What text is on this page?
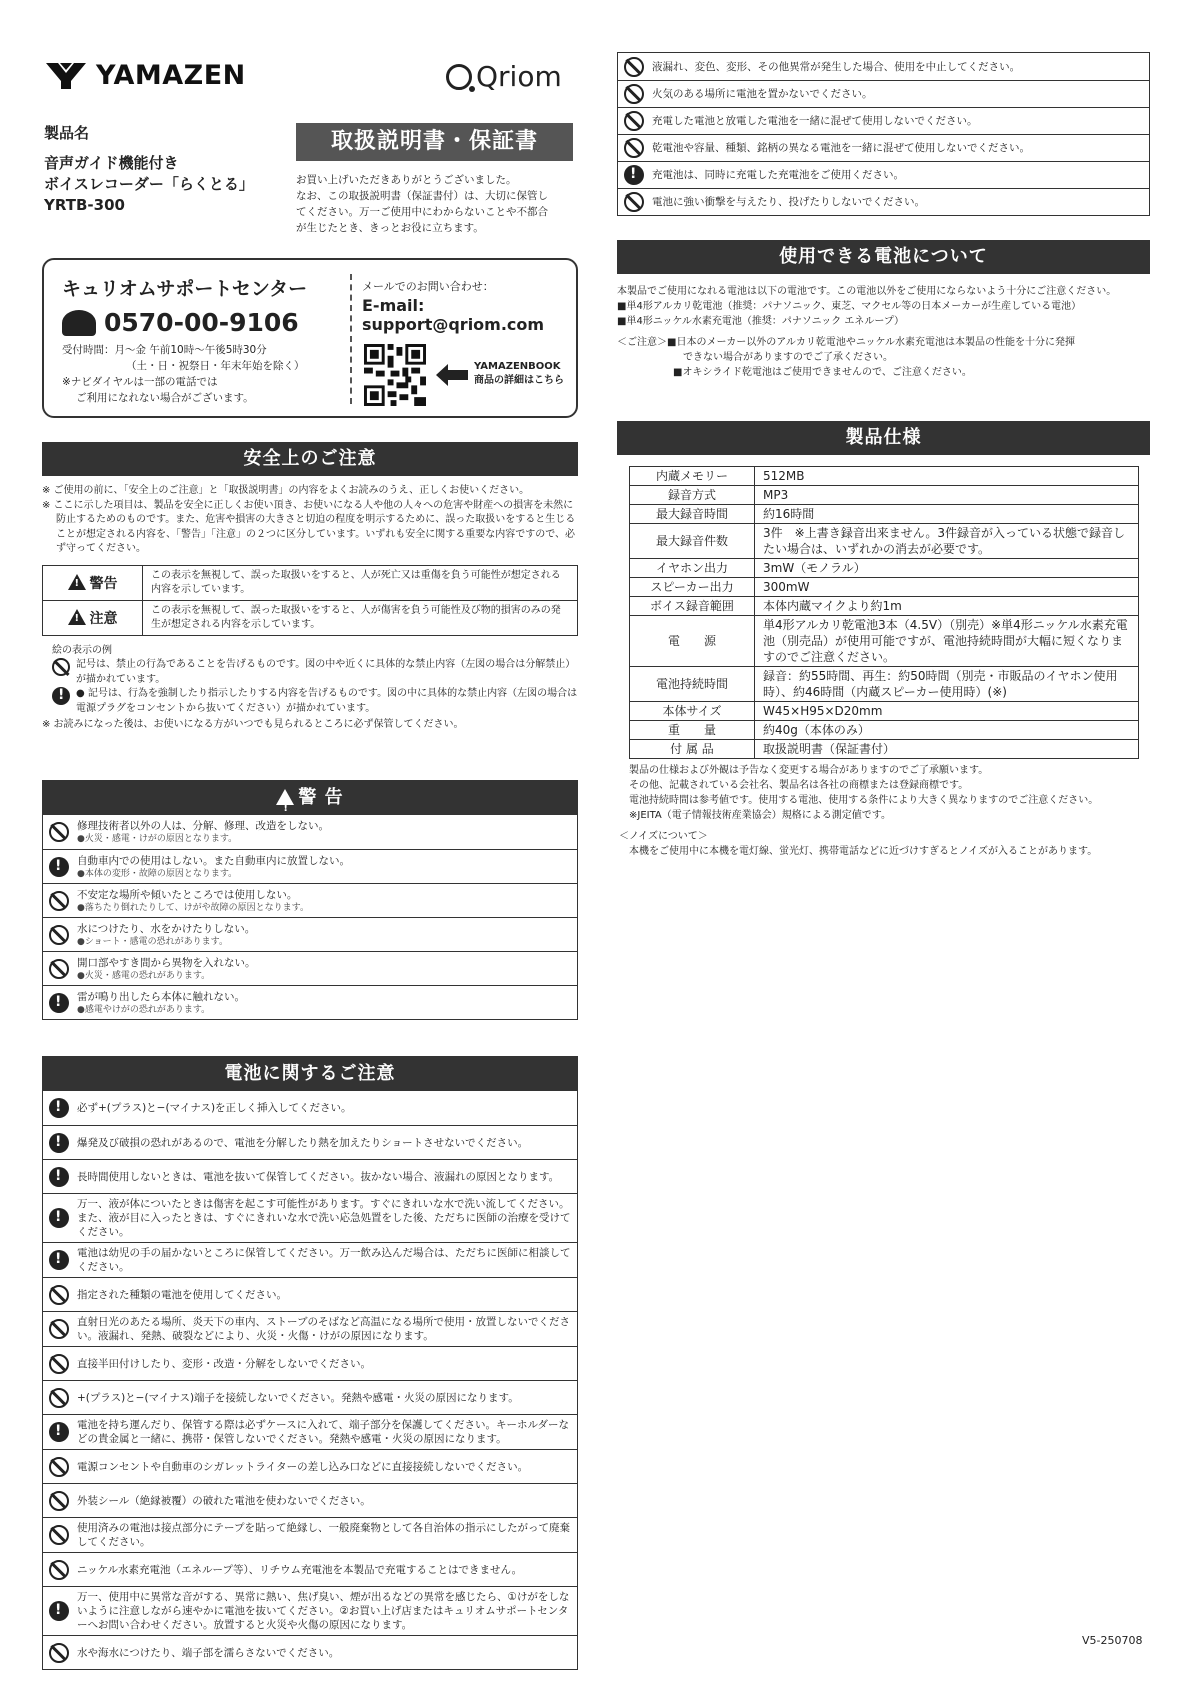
YAMAZEN	Qriom
製品名
音声ガイド機能付き
ボイスレコーダー「らくとる」
YRTB-300
取扱説明書・保証書
お買い上げいただきありがとうございました。
なお、この取扱説明書（保証書付）は、大切に保管し
てください。万一ご使用中にわからないことや不都合
が生じたとき、きっとお役に立ちます。
キュリオムサポートセンター
0570-00-9106
受付時間：月～金 午前10時～午後5時30分
（土・日・祝祭日・年末年始を除く）
※ナビダイヤルは一部の電話では
ご利用になれない場合がございます。
メールでのお問い合わせ：
E-mail: support@qriom.com
YAMAZENBOOK
商品の詳細はこちら
安全上のご注意

※ ご使用の前に、「安全上のご注意」と「取扱説明書」の内容をよくお読みのうえ、正しくお使いください。

※ ここに示した項目は、製品を安全に正しくお使い頂き、お使いになる人や他の人々への危害や財産への損害を未然に防止するためのものです。また、危害や損害の大きさと切迫の程度を明示するために、誤った取扱いをすると生じることが想定される内容を、「警告」「注意」の２つに区分しています。いずれも安全に関する重要な内容ですので、必ず守ってください。

!警告	この表示を無視して、誤った取扱いをすると、人が死亡又は重傷を負う可能性が想定される内容を示しています。
!注意	この表示を無視して、誤った取扱いをすると、人が傷害を負う可能性及び物的損害のみの発生が想定される内容を示しています。
絵の表示の例
記号は、禁止の行為であることを告げるものです。図の中や近くに具体的な禁止内容（左図の場合は分解禁止）が描かれています。
!
● 記号は、行為を強制したり指示したりする内容を告げるものです。図の中に具体的な禁止内容（左図の場合は電源プラグをコンセントから抜いてください）が描かれています。

※ お読みになった後は、お使いになる方がいつでも見られるところに必ず保管してください。

!警 告
修理技術者以外の人は、分解、修理、改造をしない。
●火災・感電・けがの原因となります。
!
自動車内での使用はしない。また自動車内に放置しない。
●本体の変形・故障の原因となります。
不安定な場所や傾いたところでは使用しない。
●落ちたり倒れたりして、けがや故障の原因となります。
水につけたり、水をかけたりしない。
●ショート・感電の恐れがあります。
開口部やすき間から異物を入れない。
●火災・感電の恐れがあります。
!
雷が鳴り出したら本体に触れない。
●感電やけがの恐れがあります。
電池に関するご注意
!
必ず+(プラス)と−(マイナス)を正しく挿入してください。
!
爆発及び破損の恐れがあるので、電池を分解したり熱を加えたりショートさせないでください。
!
長時間使用しないときは、電池を抜いて保管してください。抜かない場合、液漏れの原因となります。
!
万一、液が体についたときは傷害を起こす可能性があります。すぐにきれいな水で洗い流してください。また、液が目に入ったときは、すぐにきれいな水で洗い応急処置をした後、ただちに医師の治療を受けてください。
!
電池は幼児の手の届かないところに保管してください。万一飲み込んだ場合は、ただちに医師に相談してください。
指定された種類の電池を使用してください。
直射日光のあたる場所、炎天下の車内、ストーブのそばなど高温になる場所で使用・放置しないでください。液漏れ、発熱、破裂などにより、火災・火傷・けがの原因になります。
直接半田付けしたり、変形・改造・分解をしないでください。
+(プラス)と−(マイナス)端子を接続しないでください。発熱や感電・火災の原因になります。
!
電池を持ち運んだり、保管する際は必ずケースに入れて、端子部分を保護してください。キーホルダーなどの貴金属と一緒に、携帯・保管しないでください。発熱や感電・火災の原因になります。
電源コンセントや自動車のシガレットライターの差し込み口などに直接接続しないでください。
外装シール（絶縁被覆）の破れた電池を使わないでください。
使用済みの電池は接点部分にテープを貼って絶縁し、一般廃棄物として各自治体の指示にしたがって廃棄してください。
ニッケル水素充電池（エネループ等）、リチウム充電池を本製品で充電することはできません。
!
万一、使用中に異常な音がする、異常に熱い、焦げ臭い、煙が出るなどの異常を感じたら、①けがをしないように注意しながら速やかに電池を抜いてください。②お買い上げ店またはキュリオムサポートセンターへお問い合わせください。放置すると火災や火傷の原因になります。
水や海水につけたり、端子部を濡らさないでください。
液漏れ、変色、変形、その他異常が発生した場合、使用を中止してください。
火気のある場所に電池を置かないでください。
充電した電池と放電した電池を一緒に混ぜて使用しないでください。
乾電池や容量、種類、銘柄の異なる電池を一緒に混ぜて使用しないでください。
!
充電池は、同時に充電した充電池をご使用ください。
電池に強い衝撃を与えたり、投げたりしないでください。
使用できる電池について
本製品でご使用になれる電池は以下の電池です。この電池以外をご使用にならないよう十分にご注意ください。
■単4形アルカリ乾電池（推奨：パナソニック、東芝、マクセル等の日本メーカーが生産している電池）
■単4形ニッケル水素充電池（推奨：パナソニック エネループ）
＜ご注意＞■日本のメーカー以外のアルカリ乾電池やニッケル水素充電池は本製品の性能を十分に発揮
できない場合がありますのでご了承ください。
■オキシライド乾電池はご使用できませんので、ご注意ください。
製品仕様
内蔵メモリー	512MB
録音方式	MP3
最大録音時間	約16時間
最大録音件数	3件　※上書き録音出来ません。3件録音が入っている状態で録音したい場合は、いずれかの消去が必要です。
イヤホン出力	3mW（モノラル）
スピーカー出力	300mW
ボイス録音範囲	本体内蔵マイクより約1m
電　　源	単4形アルカリ乾電池3本（4.5V）（別売）※単4形ニッケル水素充電池（別売品）が使用可能ですが、電池持続時間が大幅に短くなりますのでご注意ください。
電池持続時間	録音：約55時間、再生：約50時間（別売・市販品のイヤホン使用時）、約46時間（内蔵スピーカー使用時）(※)
本体サイズ	W45×H95×D20mm
重　　量	約40g（本体のみ）
付 属 品	取扱説明書（保証書付）
製品の仕様および外観は予告なく変更する場合がありますのでご了承願います。
その他、記載されている会社名、製品名は各社の商標または登録商標です。
電池持続時間は参考値です。使用する電池、使用する条件により大きく異なりますのでご注意ください。
※JEITA（電子情報技術産業協会）規格による測定値です。
＜ノイズについて＞
本機をご使用中に本機を電灯線、蛍光灯、携帯電話などに近づけすぎるとノイズが入ることがあります。
V5-250708
